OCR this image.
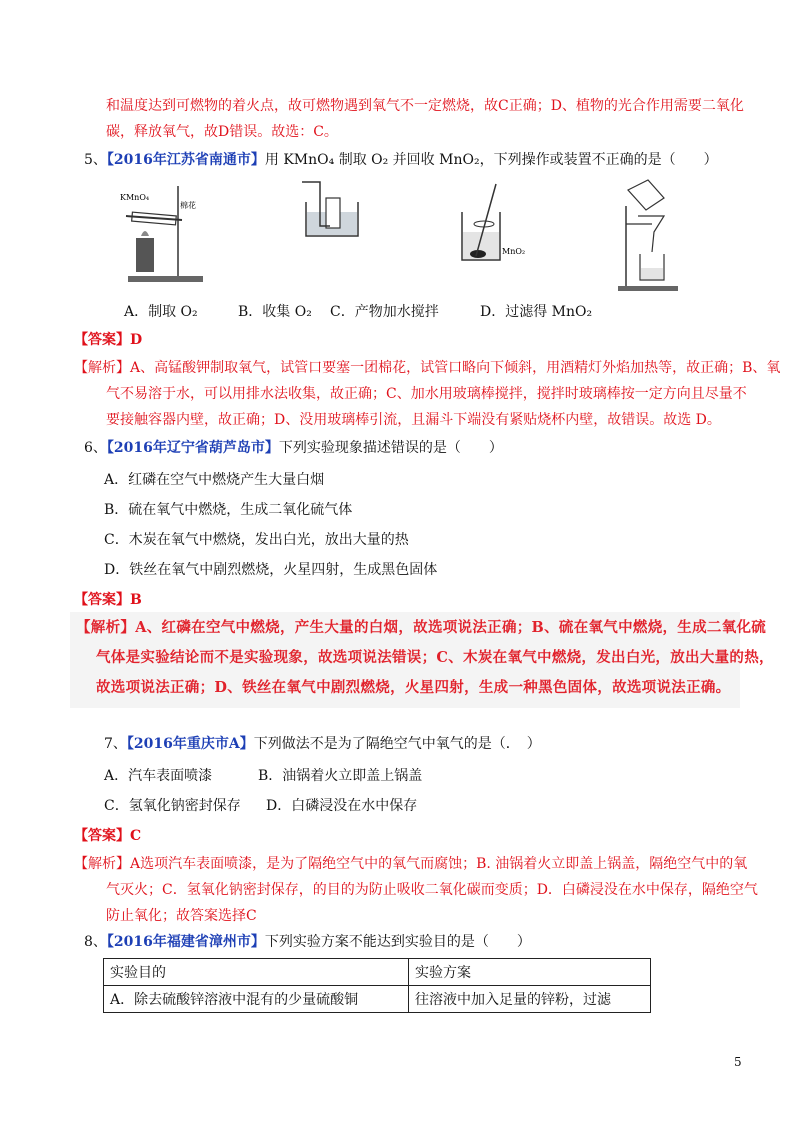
和温度达到可燃物的着火点，故可燃物遇到氧气不一定燃烧，故C正确；D、植物的光合作用需要二氧化
碳，释放氧气，故D错误。故选：C。
5、【2016年江苏省南通市】用 KMnO₄ 制取 O₂ 并回收 MnO₂，下列操作或装置不正确的是（　　）
KMnO₄
棉花
MnO₂
A．制取 O₂	B．收集 O₂ C．产物加水搅拌	D．过滤得 MnO₂
【答案】D
【解析】A、高锰酸钾制取氧气，试管口要塞一团棉花，试管口略向下倾斜，用酒精灯外焰加热等，故正确；B、氧
气不易溶于水，可以用排水法收集，故正确；C、加水用玻璃棒搅拌，搅拌时玻璃棒按一定方向且尽量不
要接触容器内壁，故正确；D、没用玻璃棒引流，且漏斗下端没有紧贴烧杯内壁，故错误。故选 D。
6、【2016年辽宁省葫芦岛市】下列实验现象描述错误的是（　　）
A．红磷在空气中燃烧产生大量白烟
B．硫在氧气中燃烧，生成二氧化硫气体
C．木炭在氧气中燃烧，发出白光，放出大量的热
D．铁丝在氧气中剧烈燃烧，火星四射，生成黑色固体
【答案】B
【解析】A、红磷在空气中燃烧，产生大量的白烟，故选项说法正确；B、硫在氧气中燃烧，生成二氧化硫
气体是实验结论而不是实验现象，故选项说法错误；C、木炭在氧气中燃烧，发出白光，放出大量的热，
故选项说法正确；D、铁丝在氧气中剧烈燃烧，火星四射，生成一种黑色固体，故选项说法正确。
7、【2016年重庆市A】下列做法不是为了隔绝空气中氧气的是（．　）
A．汽车表面喷漆	B．油锅着火立即盖上锅盖
C．氢氧化钠密封保存 D．白磷浸没在水中保存
【答案】C
【解析】A选项汽车表面喷漆，是为了隔绝空气中的氧气而腐蚀；B. 油锅着火立即盖上锅盖，隔绝空气中的氧
气灭火；C．氢氧化钠密封保存，的目的为防止吸收二氧化碳而变质；D．白磷浸没在水中保存，隔绝空气
防止氧化；故答案选择C
8、【2016年福建省漳州市】下列实验方案不能达到实验目的是（　　）
实验目的	实验方案
A．除去硫酸锌溶液中混有的少量硫酸铜	往溶液中加入足量的锌粉，过滤
5
